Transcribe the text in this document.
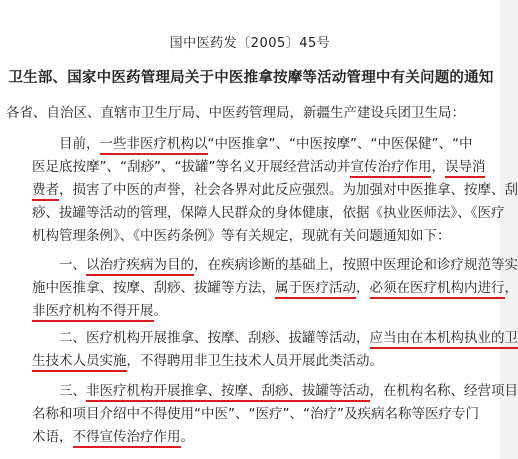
国中医药发〔2005〕45号
卫生部、国家中医药管理局关于中医推拿按摩等活动管理中有关问题的通知
各省、自治区、直辖市卫生厅局、中医药管理局，新疆生产建设兵团卫生局：
目前，一些非医疗机构以“中医推拿”、“中医按摩”、“中医保健”、“中
医足底按摩”、“刮痧”、“拔罐”等名义开展经营活动并宣传治疗作用，误导消
费者，损害了中医的声誉，社会各界对此反应强烈。为加强对中医推拿、按摩、刮
痧、拔罐等活动的管理，保障人民群众的身体健康，依据《执业医师法》、《医疗
机构管理条例》、《中医药条例》等有关规定，现就有关问题通知如下：
一、以治疗疾病为目的，在疾病诊断的基础上，按照中医理论和诊疗规范等实
施中医推拿、按摩、刮痧、拔罐等方法，属于医疗活动，必须在医疗机构内进行，
非医疗机构不得开展。
二、医疗机构开展推拿、按摩、刮痧、拔罐等活动，应当由在本机构执业的卫
生技术人员实施，不得聘用非卫生技术人员开展此类活动。
三、非医疗机构开展推拿、按摩、刮痧、拔罐等活动，在机构名称、经营项目
名称和项目介绍中不得使用“中医”、“医疗”、“治疗”及疾病名称等医疗专门
术语，不得宣传治疗作用。
